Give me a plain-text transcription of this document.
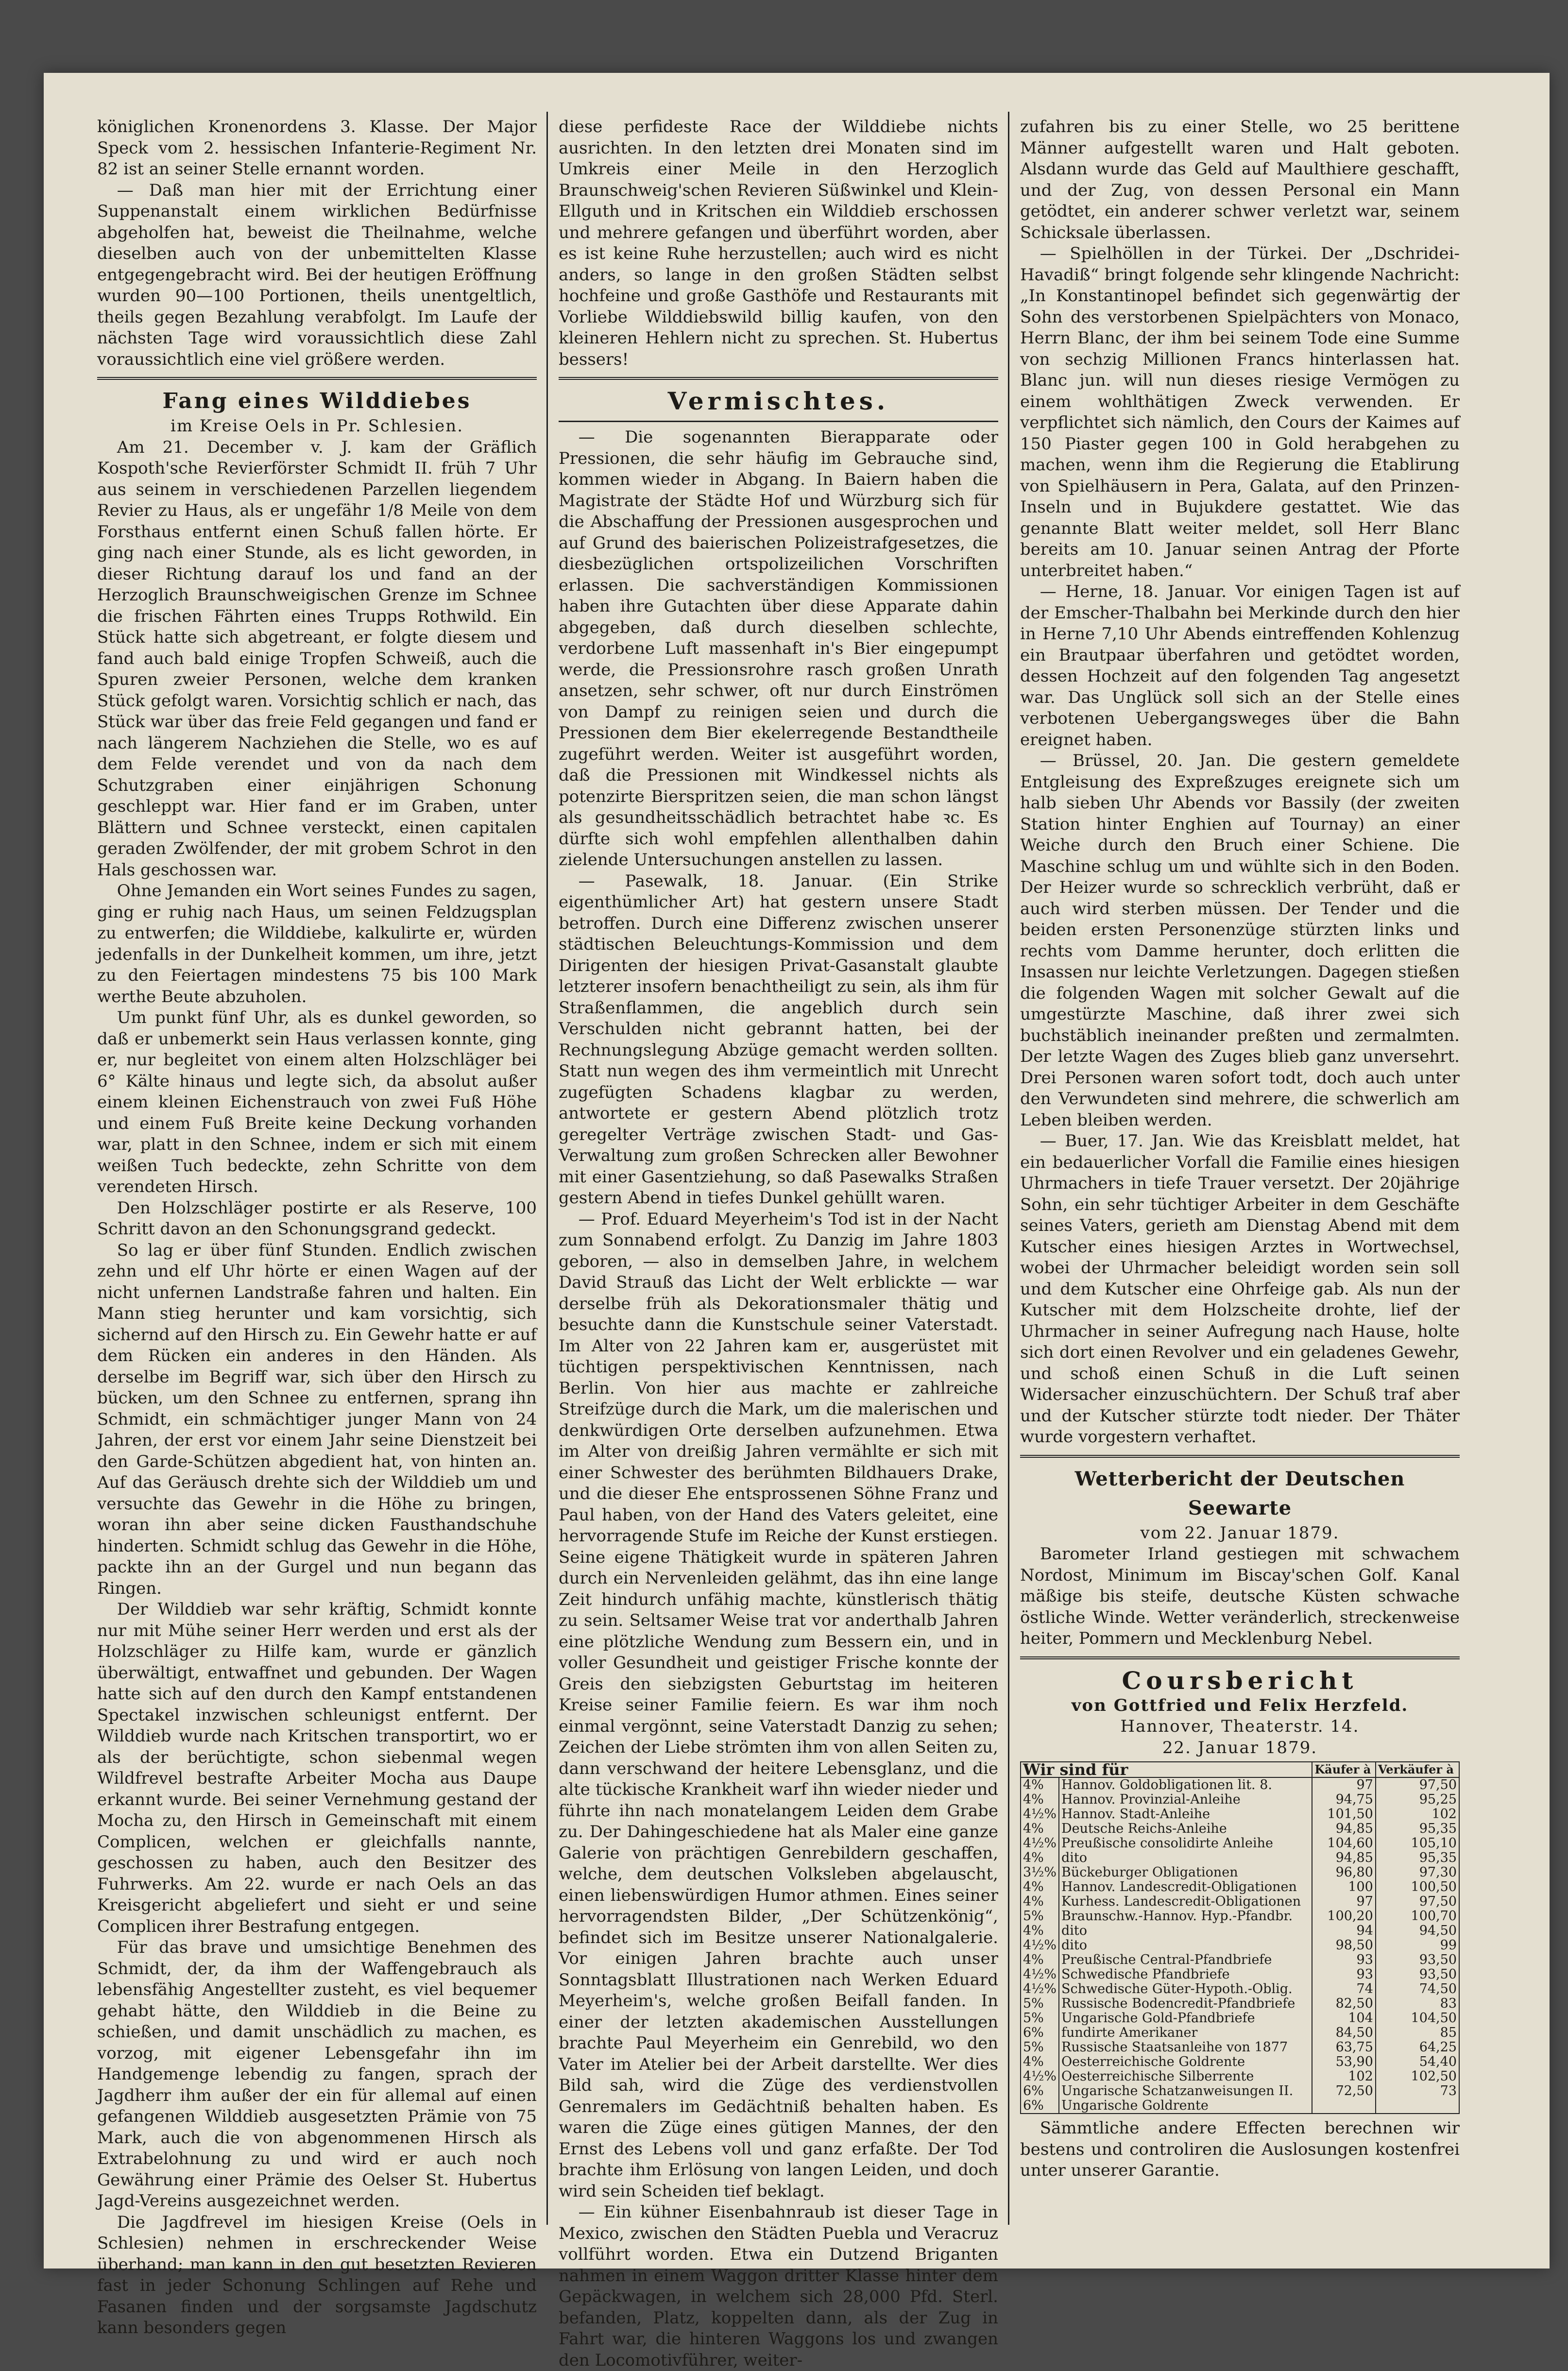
königlichen Kronenordens 3. Klasse. Der Major Speck vom 2. hessischen Infanterie-Regiment Nr. 82 ist an seiner Stelle ernannt worden.

— Daß man hier mit der Errichtung einer Suppenanstalt einem wirklichen Bedürfnisse abgeholfen hat, beweist die Theilnahme, welche dieselben auch von der unbemittelten Klasse entgegengebracht wird. Bei der heutigen Eröffnung wurden 90—100 Portionen, theils unentgeltlich, theils gegen Bezahlung verabfolgt. Im Laufe der nächsten Tage wird voraussichtlich diese Zahl voraussichtlich eine viel größere werden.

Fang eines Wilddiebes
im Kreise Oels in Pr. Schlesien.

Am 21. December v. J. kam der Gräflich Kospoth'sche Revierförster Schmidt II. früh 7 Uhr aus seinem in verschiedenen Parzellen liegendem Revier zu Haus, als er ungefähr 1/8 Meile von dem Forsthaus entfernt einen Schuß fallen hörte. Er ging nach einer Stunde, als es licht geworden, in dieser Richtung darauf los und fand an der Herzoglich Braunschweigischen Grenze im Schnee die frischen Fährten eines Trupps Rothwild. Ein Stück hatte sich abgetreant, er folgte diesem und fand auch bald einige Tropfen Schweiß, auch die Spuren zweier Personen, welche dem kranken Stück gefolgt waren. Vorsichtig schlich er nach, das Stück war über das freie Feld gegangen und fand er nach längerem Nachziehen die Stelle, wo es auf dem Felde verendet und von da nach dem Schutzgraben einer einjährigen Schonung geschleppt war. Hier fand er im Graben, unter Blättern und Schnee versteckt, einen capitalen geraden Zwölfender, der mit grobem Schrot in den Hals geschossen war.

Ohne Jemanden ein Wort seines Fundes zu sagen, ging er ruhig nach Haus, um seinen Feldzugsplan zu entwerfen; die Wilddiebe, kalkulirte er, würden jedenfalls in der Dunkelheit kommen, um ihre, jetzt zu den Feiertagen mindestens 75 bis 100 Mark werthe Beute abzuholen.

Um punkt fünf Uhr, als es dunkel geworden, so daß er unbemerkt sein Haus verlassen konnte, ging er, nur begleitet von einem alten Holzschläger bei 6° Kälte hinaus und legte sich, da absolut außer einem kleinen Eichenstrauch von zwei Fuß Höhe und einem Fuß Breite keine Deckung vorhanden war, platt in den Schnee, indem er sich mit einem weißen Tuch bedeckte, zehn Schritte von dem verendeten Hirsch.

Den Holzschläger postirte er als Reserve, 100 Schritt davon an den Schonungsgrand gedeckt.

So lag er über fünf Stunden. Endlich zwischen zehn und elf Uhr hörte er einen Wagen auf der nicht unfernen Landstraße fahren und halten. Ein Mann stieg herunter und kam vorsichtig, sich sichernd auf den Hirsch zu. Ein Gewehr hatte er auf dem Rücken ein anderes in den Händen. Als derselbe im Begriff war, sich über den Hirsch zu bücken, um den Schnee zu entfernen, sprang ihn Schmidt, ein schmächtiger junger Mann von 24 Jahren, der erst vor einem Jahr seine Dienstzeit bei den Garde-Schützen abgedient hat, von hinten an. Auf das Geräusch drehte sich der Wilddieb um und versuchte das Gewehr in die Höhe zu bringen, woran ihn aber seine dicken Fausthandschuhe hinderten. Schmidt schlug das Gewehr in die Höhe, packte ihn an der Gurgel und nun begann das Ringen.

Der Wilddieb war sehr kräftig, Schmidt konnte nur mit Mühe seiner Herr werden und erst als der Holzschläger zu Hilfe kam, wurde er gänzlich überwältigt, entwaffnet und gebunden. Der Wagen hatte sich auf den durch den Kampf entstandenen Spectakel inzwischen schleunigst entfernt. Der Wilddieb wurde nach Kritschen transportirt, wo er als der berüchtigte, schon siebenmal wegen Wildfrevel bestrafte Arbeiter Mocha aus Daupe erkannt wurde. Bei seiner Vernehmung gestand der Mocha zu, den Hirsch in Gemeinschaft mit einem Complicen, welchen er gleichfalls nannte, geschossen zu haben, auch den Besitzer des Fuhrwerks. Am 22. wurde er nach Oels an das Kreisgericht abgeliefert und sieht er und seine Complicen ihrer Bestrafung entgegen.

Für das brave und umsichtige Benehmen des Schmidt, der, da ihm der Waffengebrauch als lebensfähig Angestellter zusteht, es viel bequemer gehabt hätte, den Wilddieb in die Beine zu schießen, und damit unschädlich zu machen, es vorzog, mit eigener Lebensgefahr ihn im Handgemenge lebendig zu fangen, sprach der Jagdherr ihm außer der ein für allemal auf einen gefangenen Wilddieb ausgesetzten Prämie von 75 Mark, auch die von abgenommenen Hirsch als Extrabelohnung zu und wird er auch noch Gewährung einer Prämie des Oelser St. Hubertus Jagd-Vereins ausgezeichnet werden.

Die Jagdfrevel im hiesigen Kreise (Oels in Schlesien) nehmen in erschreckender Weise überhand; man kann in den gut besetzten Revieren fast in jeder Schonung Schlingen auf Rehe und Fasanen finden und der sorgsamste Jagdschutz kann besonders gegen

diese perfideste Race der Wilddiebe nichts ausrichten. In den letzten drei Monaten sind im Umkreis einer Meile in den Herzoglich Braunschweig'schen Revieren Süßwinkel und Klein-Ellguth und in Kritschen ein Wilddieb erschossen und mehrere gefangen und überführt worden, aber es ist keine Ruhe herzustellen; auch wird es nicht anders, so lange in den großen Städten selbst hochfeine und große Gasthöfe und Restaurants mit Vorliebe Wilddiebswild billig kaufen, von den kleineren Hehlern nicht zu sprechen. St. Hubertus bessers!

Vermischtes.

— Die sogenannten Bierapparate oder Pressionen, die sehr häufig im Gebrauche sind, kommen wieder in Abgang. In Baiern haben die Magistrate der Städte Hof und Würzburg sich für die Abschaffung der Pressionen ausgesprochen und auf Grund des baierischen Polizeistrafgesetzes, die diesbezüglichen ortspolizeilichen Vorschriften erlassen. Die sachverständigen Kommissionen haben ihre Gutachten über diese Apparate dahin abgegeben, daß durch dieselben schlechte, verdorbene Luft massenhaft in's Bier eingepumpt werde, die Pressionsrohre rasch großen Unrath ansetzen, sehr schwer, oft nur durch Einströmen von Dampf zu reinigen seien und durch die Pressionen dem Bier ekelerregende Bestandtheile zugeführt werden. Weiter ist ausgeführt worden, daß die Pressionen mit Windkessel nichts als potenzirte Bierspritzen seien, die man schon längst als gesundheitsschädlich betrachtet habe ꝛc. Es dürfte sich wohl empfehlen allenthalben dahin zielende Untersuchungen anstellen zu lassen.

— Pasewalk, 18. Januar. (Ein Strike eigenthümlicher Art) hat gestern unsere Stadt betroffen. Durch eine Differenz zwischen unserer städtischen Beleuchtungs-Kommission und dem Dirigenten der hiesigen Privat-Gasanstalt glaubte letzterer insofern benachtheiligt zu sein, als ihm für Straßenflammen, die angeblich durch sein Verschulden nicht gebrannt hatten, bei der Rechnungslegung Abzüge gemacht werden sollten. Statt nun wegen des ihm vermeintlich mit Unrecht zugefügten Schadens klagbar zu werden, antwortete er gestern Abend plötzlich trotz geregelter Verträge zwischen Stadt- und Gas-Verwaltung zum großen Schrecken aller Bewohner mit einer Gasentziehung, so daß Pasewalks Straßen gestern Abend in tiefes Dunkel gehüllt waren.

— Prof. Eduard Meyerheim's Tod ist in der Nacht zum Sonnabend erfolgt. Zu Danzig im Jahre 1803 geboren, — also in demselben Jahre, in welchem David Strauß das Licht der Welt erblickte — war derselbe früh als Dekorationsmaler thätig und besuchte dann die Kunstschule seiner Vaterstadt. Im Alter von 22 Jahren kam er, ausgerüstet mit tüchtigen perspektivischen Kenntnissen, nach Berlin. Von hier aus machte er zahlreiche Streifzüge durch die Mark, um die malerischen und denkwürdigen Orte derselben aufzunehmen. Etwa im Alter von dreißig Jahren vermählte er sich mit einer Schwester des berühmten Bildhauers Drake, und die dieser Ehe entsprossenen Söhne Franz und Paul haben, von der Hand des Vaters geleitet, eine hervorragende Stufe im Reiche der Kunst erstiegen. Seine eigene Thätigkeit wurde in späteren Jahren durch ein Nervenleiden gelähmt, das ihn eine lange Zeit hindurch unfähig machte, künstlerisch thätig zu sein. Seltsamer Weise trat vor anderthalb Jahren eine plötzliche Wendung zum Bessern ein, und in voller Gesundheit und geistiger Frische konnte der Greis den siebzigsten Geburtstag im heiteren Kreise seiner Familie feiern. Es war ihm noch einmal vergönnt, seine Vaterstadt Danzig zu sehen; Zeichen der Liebe strömten ihm von allen Seiten zu, dann verschwand der heitere Lebensglanz, und die alte tückische Krankheit warf ihn wieder nieder und führte ihn nach monatelangem Leiden dem Grabe zu. Der Dahingeschiedene hat als Maler eine ganze Galerie von prächtigen Genrebildern geschaffen, welche, dem deutschen Volksleben abgelauscht, einen liebenswürdigen Humor athmen. Eines seiner hervorragendsten Bilder, „Der Schützenkönig“, befindet sich im Besitze unserer Nationalgalerie. Vor einigen Jahren brachte auch unser Sonntagsblatt Illustrationen nach Werken Eduard Meyerheim's, welche großen Beifall fanden. In einer der letzten akademischen Ausstellungen brachte Paul Meyerheim ein Genrebild, wo den Vater im Atelier bei der Arbeit darstellte. Wer dies Bild sah, wird die Züge des verdienstvollen Genremalers im Gedächtniß behalten haben. Es waren die Züge eines gütigen Mannes, der den Ernst des Lebens voll und ganz erfaßte. Der Tod brachte ihm Erlösung von langen Leiden, und doch wird sein Scheiden tief beklagt.

— Ein kühner Eisenbahnraub ist dieser Tage in Mexico, zwischen den Städten Puebla und Veracruz vollführt worden. Etwa ein Dutzend Briganten nahmen in einem Waggon dritter Klasse hinter dem Gepäckwagen, in welchem sich 28,000 Pfd. Sterl. befanden, Platz, koppelten dann, als der Zug in Fahrt war, die hinteren Waggons los und zwangen den Locomotivführer, weiter-

zufahren bis zu einer Stelle, wo 25 berittene Männer aufgestellt waren und Halt geboten. Alsdann wurde das Geld auf Maulthiere geschafft, und der Zug, von dessen Personal ein Mann getödtet, ein anderer schwer verletzt war, seinem Schicksale überlassen.

— Spielhöllen in der Türkei. Der „Dschridei-Havadiß“ bringt folgende sehr klingende Nachricht: „In Konstantinopel befindet sich gegenwärtig der Sohn des verstorbenen Spielpächters von Monaco, Herrn Blanc, der ihm bei seinem Tode eine Summe von sechzig Millionen Francs hinterlassen hat. Blanc jun. will nun dieses riesige Vermögen zu einem wohlthätigen Zweck verwenden. Er verpflichtet sich nämlich, den Cours der Kaimes auf 150 Piaster gegen 100 in Gold herabgehen zu machen, wenn ihm die Regierung die Etablirung von Spielhäusern in Pera, Galata, auf den Prinzen-Inseln und in Bujukdere gestattet. Wie das genannte Blatt weiter meldet, soll Herr Blanc bereits am 10. Januar seinen Antrag der Pforte unterbreitet haben.“

— Herne, 18. Januar. Vor einigen Tagen ist auf der Emscher-Thalbahn bei Merkinde durch den hier in Herne 7,10 Uhr Abends eintreffenden Kohlenzug ein Brautpaar überfahren und getödtet worden, dessen Hochzeit auf den folgenden Tag angesetzt war. Das Unglück soll sich an der Stelle eines verbotenen Uebergangsweges über die Bahn ereignet haben.

— Brüssel, 20. Jan. Die gestern gemeldete Entgleisung des Expreßzuges ereignete sich um halb sieben Uhr Abends vor Bassily (der zweiten Station hinter Enghien auf Tournay) an einer Weiche durch den Bruch einer Schiene. Die Maschine schlug um und wühlte sich in den Boden. Der Heizer wurde so schrecklich verbrüht, daß er auch wird sterben müssen. Der Tender und die beiden ersten Personenzüge stürzten links und rechts vom Damme herunter, doch erlitten die Insassen nur leichte Verletzungen. Dagegen stießen die folgenden Wagen mit solcher Gewalt auf die umgestürzte Maschine, daß ihrer zwei sich buchstäblich ineinander preßten und zermalmten. Der letzte Wagen des Zuges blieb ganz unversehrt. Drei Personen waren sofort todt, doch auch unter den Verwundeten sind mehrere, die schwerlich am Leben bleiben werden.

— Buer, 17. Jan. Wie das Kreisblatt meldet, hat ein bedauerlicher Vorfall die Familie eines hiesigen Uhrmachers in tiefe Trauer versetzt. Der 20jährige Sohn, ein sehr tüchtiger Arbeiter in dem Geschäfte seines Vaters, gerieth am Dienstag Abend mit dem Kutscher eines hiesigen Arztes in Wortwechsel, wobei der Uhrmacher beleidigt worden sein soll und dem Kutscher eine Ohrfeige gab. Als nun der Kutscher mit dem Holzscheite drohte, lief der Uhrmacher in seiner Aufregung nach Hause, holte sich dort einen Revolver und ein geladenes Gewehr, und schoß einen Schuß in die Luft seinen Widersacher einzuschüchtern. Der Schuß traf aber und der Kutscher stürzte todt nieder. Der Thäter wurde vorgestern verhaftet.

Wetterbericht der Deutschen Seewarte
vom 22. Januar 1879.

Barometer Irland gestiegen mit schwachem Nordost, Minimum im Biscay'schen Golf. Kanal mäßige bis steife, deutsche Küsten schwache östliche Winde. Wetter veränderlich, streckenweise heiter, Pommern und Mecklenburg Nebel.

Coursbericht
von Gottfried und Felix Herzfeld.
Hannover, Theaterstr. 14.
22. Januar 1879.
Wir sind für		Käufer à	Verkäufer à
4%	Hannov. Goldobligationen lit. 8.	97	97,50
4%	Hannov. Provinzial-Anleihe	94,75	95,25
4½%	Hannov. Stadt-Anleihe	101,50	102
4%	Deutsche Reichs-Anleihe	94,85	95,35
4½%	Preußische consolidirte Anleihe	104,60	105,10
4%	dito	94,85	95,35
3½%	Bückeburger Obligationen	96,80	97,30
4%	Hannov. Landescredit-Obligationen	100	100,50
4%	Kurhess. Landescredit-Obligationen	97	97,50
5%	Braunschw.-Hannov. Hyp.-Pfandbr.	100,20	100,70
4%	dito	94	94,50
4½%	dito	98,50	99
4%	Preußische Central-Pfandbriefe	93	93,50
4½%	Schwedische Pfandbriefe	93	93,50
4½%	Schwedische Güter-Hypoth.-Oblig.	74	74,50
5%	Russische Bodencredit-Pfandbriefe	82,50	83
5%	Ungarische Gold-Pfandbriefe	104	104,50
6%	fundirte Amerikaner	84,50	85
5%	Russische Staatsanleihe von 1877	63,75	64,25
4%	Oesterreichische Goldrente	53,90	54,40
4½%	Oesterreichische Silberrente	102	102,50
6%	Ungarische Schatzanweisungen II.	72,50	73
6%	Ungarische Goldrente		

Sämmtliche andere Effecten berechnen wir bestens und controliren die Auslosungen kostenfrei unter unserer Garantie.
